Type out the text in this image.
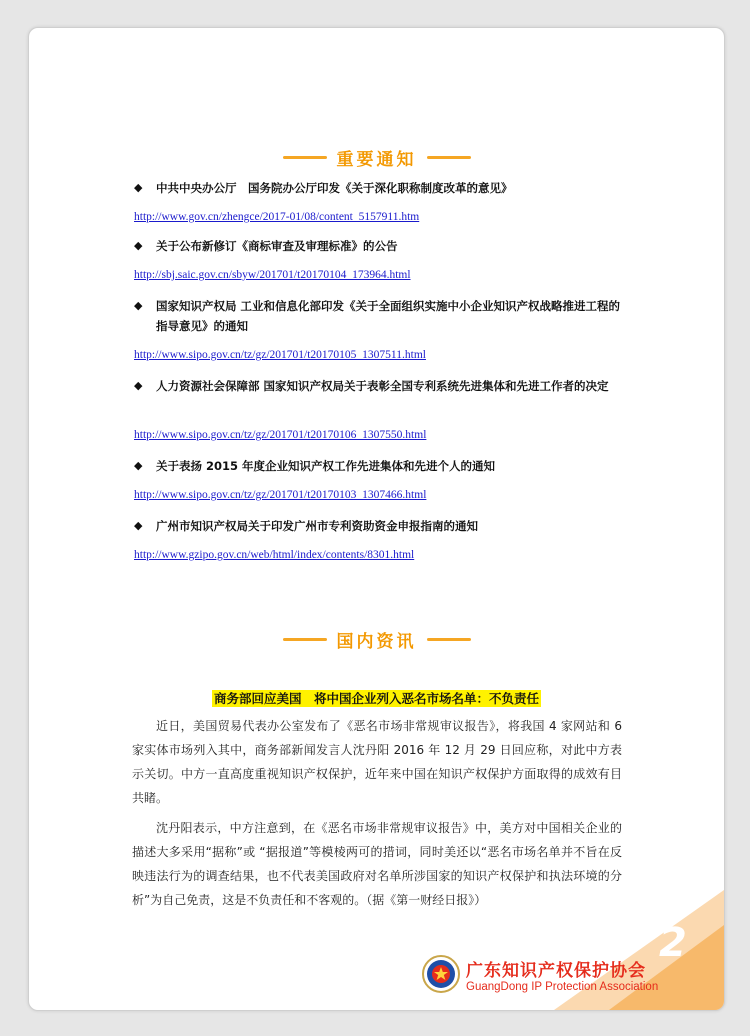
重要通知
◆	中共中央办公厅　国务院办公厅印发《关于深化职称制度改革的意见》
http://www.gov.cn/zhengce/2017-01/08/content_5157911.htm
◆	关于公布新修订《商标审查及审理标准》的公告
http://sbj.saic.gov.cn/sbyw/201701/t20170104_173964.html
◆	国家知识产权局 工业和信息化部印发《关于全面组织实施中小企业知识产权战略推进工程的指导意见》的通知
http://www.sipo.gov.cn/tz/gz/201701/t20170105_1307511.html
◆	人力资源社会保障部 国家知识产权局关于表彰全国专利系统先进集体和先进工作者的决定
http://www.sipo.gov.cn/tz/gz/201701/t20170106_1307550.html
◆	关于表扬 2015 年度企业知识产权工作先进集体和先进个人的通知
http://www.sipo.gov.cn/tz/gz/201701/t20170103_1307466.html
◆	广州市知识产权局关于印发广州市专利资助资金申报指南的通知
http://www.gzipo.gov.cn/web/html/index/contents/8301.html
国内资讯
商务部回应美国　将中国企业列入恶名市场名单：不负责任
近日，美国贸易代表办公室发布了《恶名市场非常规审议报告》，将我国 4 家网站和 6 家实体市场列入其中，商务部新闻发言人沈丹阳 2016 年 12 月 29 日回应称，对此中方表示关切。中方一直高度重视知识产权保护，近年来中国在知识产权保护方面取得的成效有目共睹。
沈丹阳表示，中方注意到，在《恶名市场非常规审议报告》中，美方对中国相关企业的描述大多采用“据称”或 “据报道”等模棱两可的措词，同时美还以“恶名市场名单并不旨在反映违法行为的调查结果，也不代表美国政府对名单所涉国家的知识产权保护和执法环境的分析”为自己免责，这是不负责任和不客观的。（据《第一财经日报》）
2
广东知识产权保护协会
GuangDong IP Protection Association
